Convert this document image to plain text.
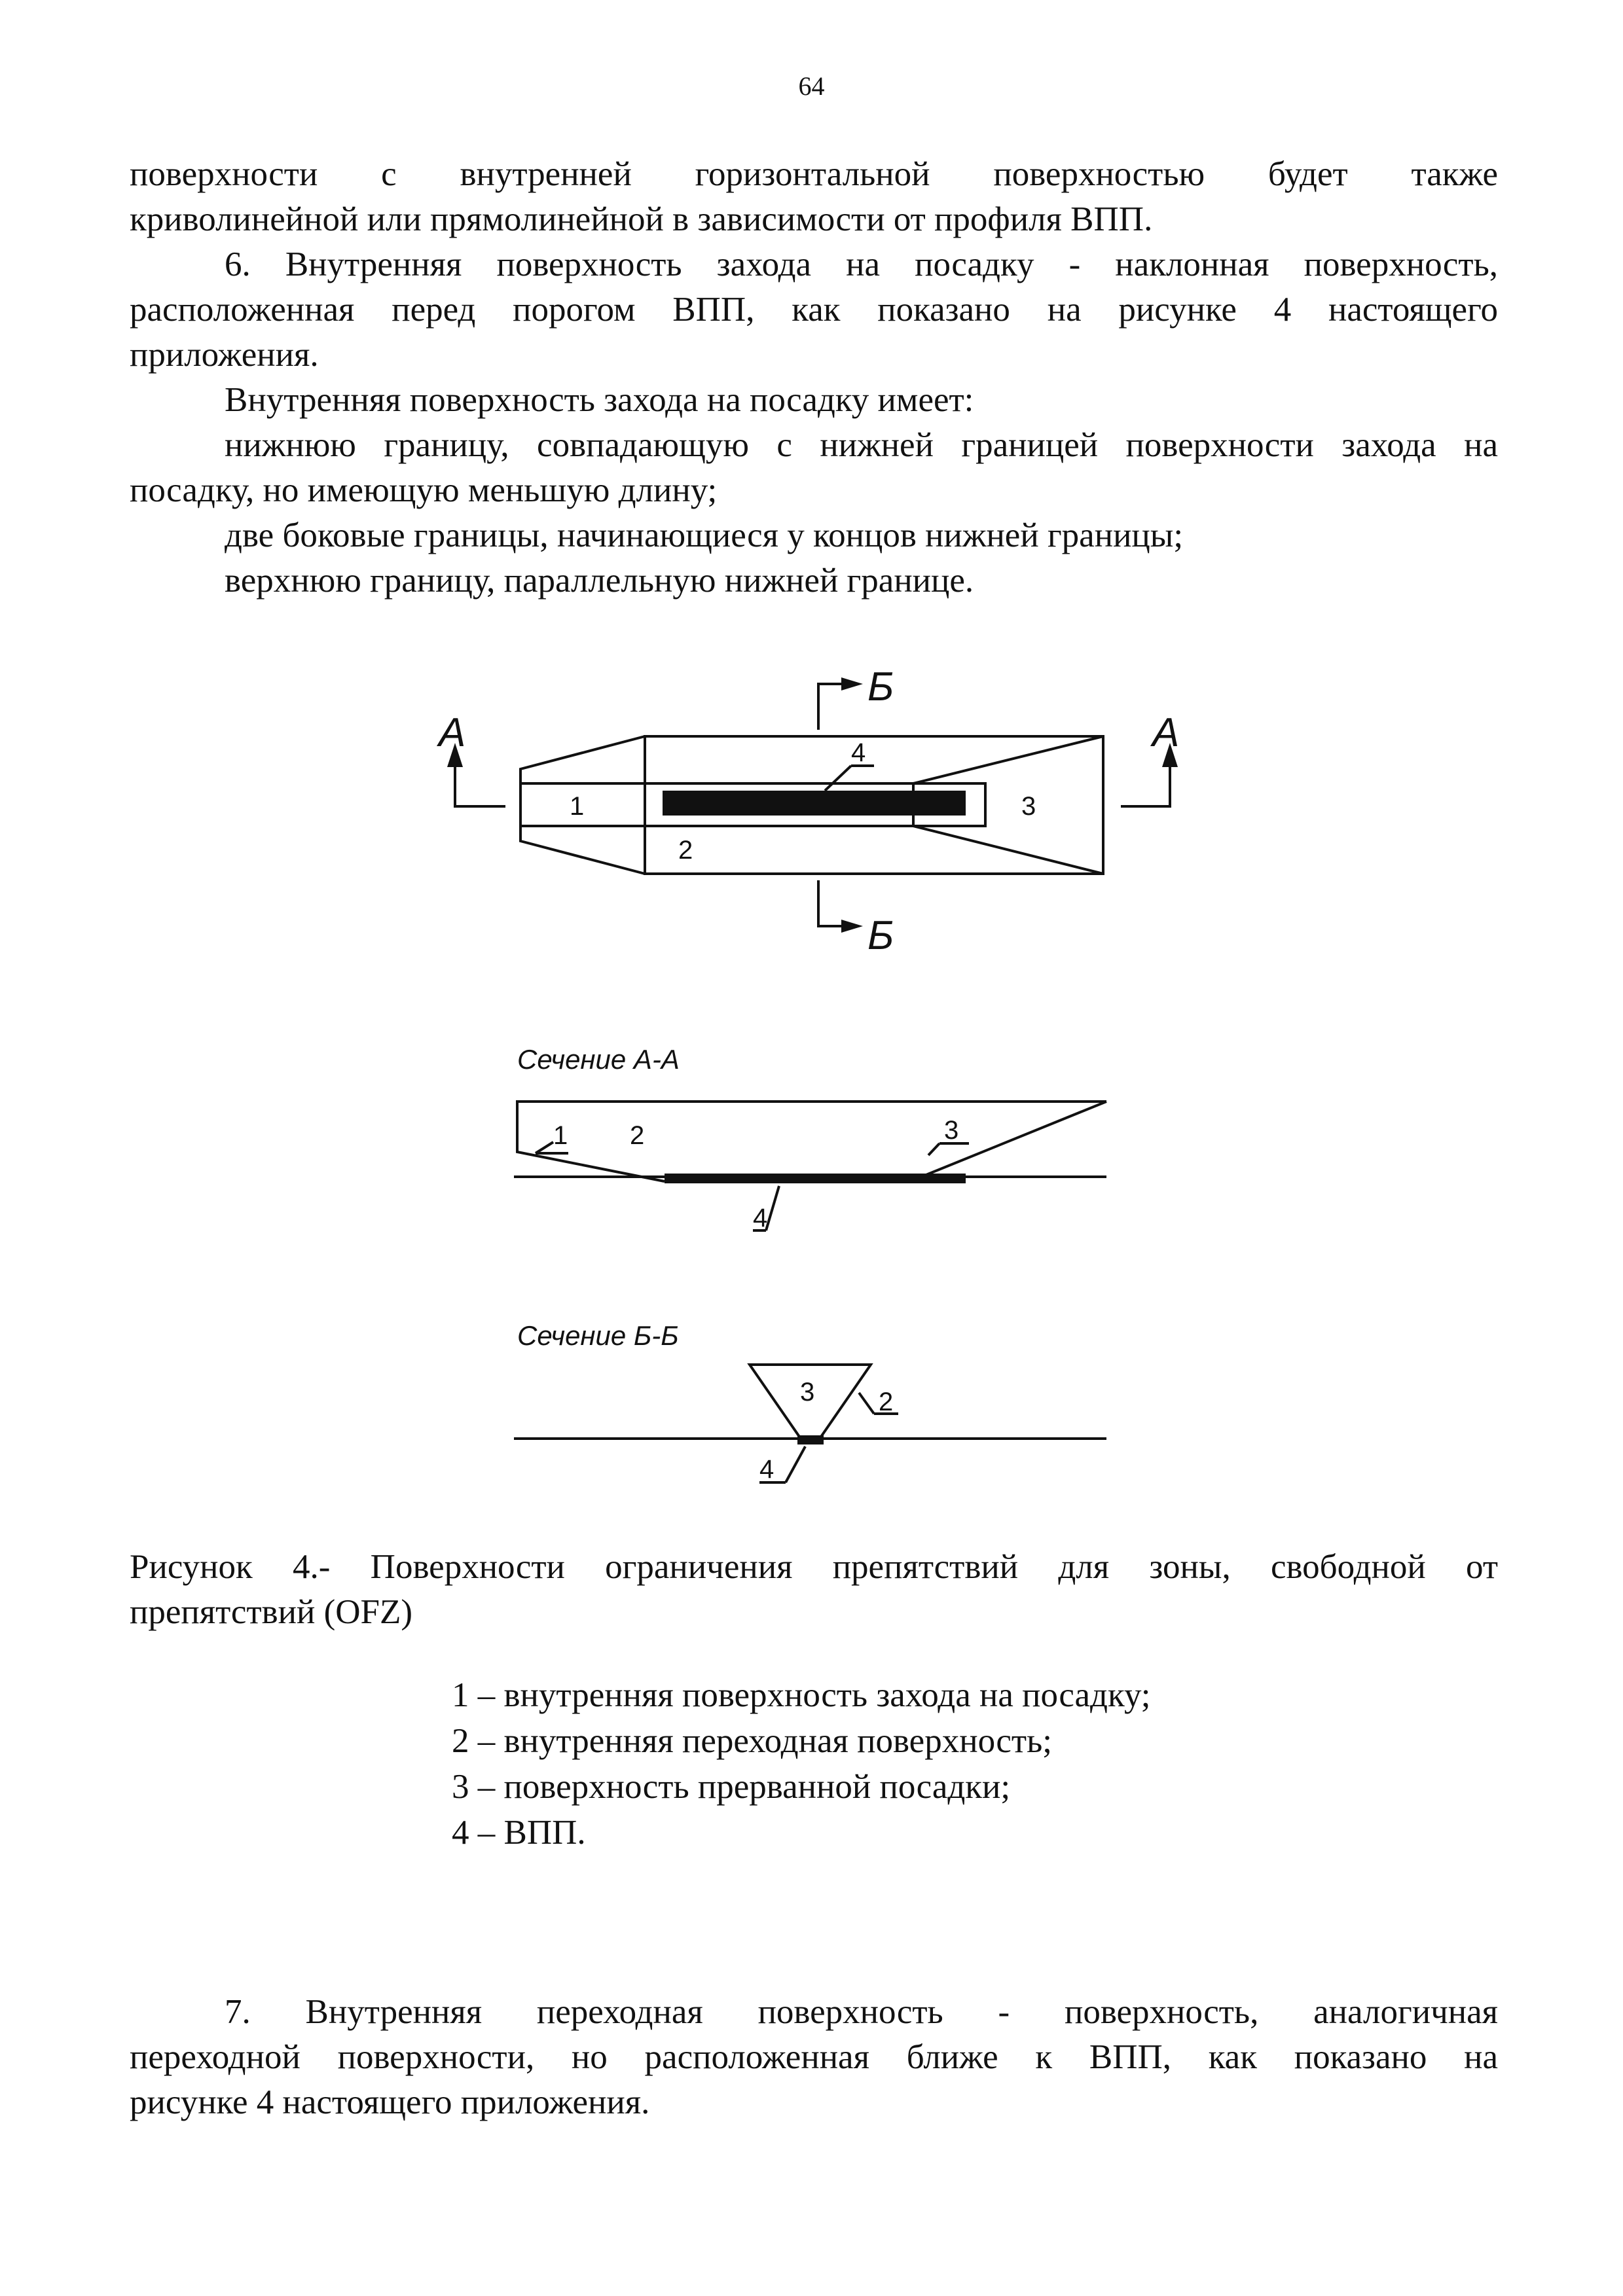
64

поверхности с внутренней горизонтальной поверхностью будет также

криволинейной или прямолинейной в зависимости от профиля ВПП.

6. Внутренняя поверхность захода на посадку - наклонная поверхность,

расположенная перед порогом ВПП, как показано на рисунке 4 настоящего

приложения.

Внутренняя поверхность захода на посадку имеет:

нижнюю границу, совпадающую с нижней границей поверхности захода на

посадку, но имеющую меньшую длину;

две боковые границы, начинающиеся у концов нижней границы;

верхнюю границу, параллельную нижней границе.

А	А
Б
Б
1
2
3
4
Сечение А-А
1 2	3
4
Сечение Б-Б
3 2
4

Рисунок 4.- Поверхности ограничения препятствий для зоны, свободной от

препятствий (OFZ)

1 – внутренняя поверхность захода на посадку;
2 – внутренняя переходная поверхность;
3 – поверхность прерванной посадки;
4 – ВПП.

7. Внутренняя переходная поверхность - поверхность, аналогичная

переходной поверхности, но расположенная ближе к ВПП, как показано на

рисунке 4 настоящего приложения.
